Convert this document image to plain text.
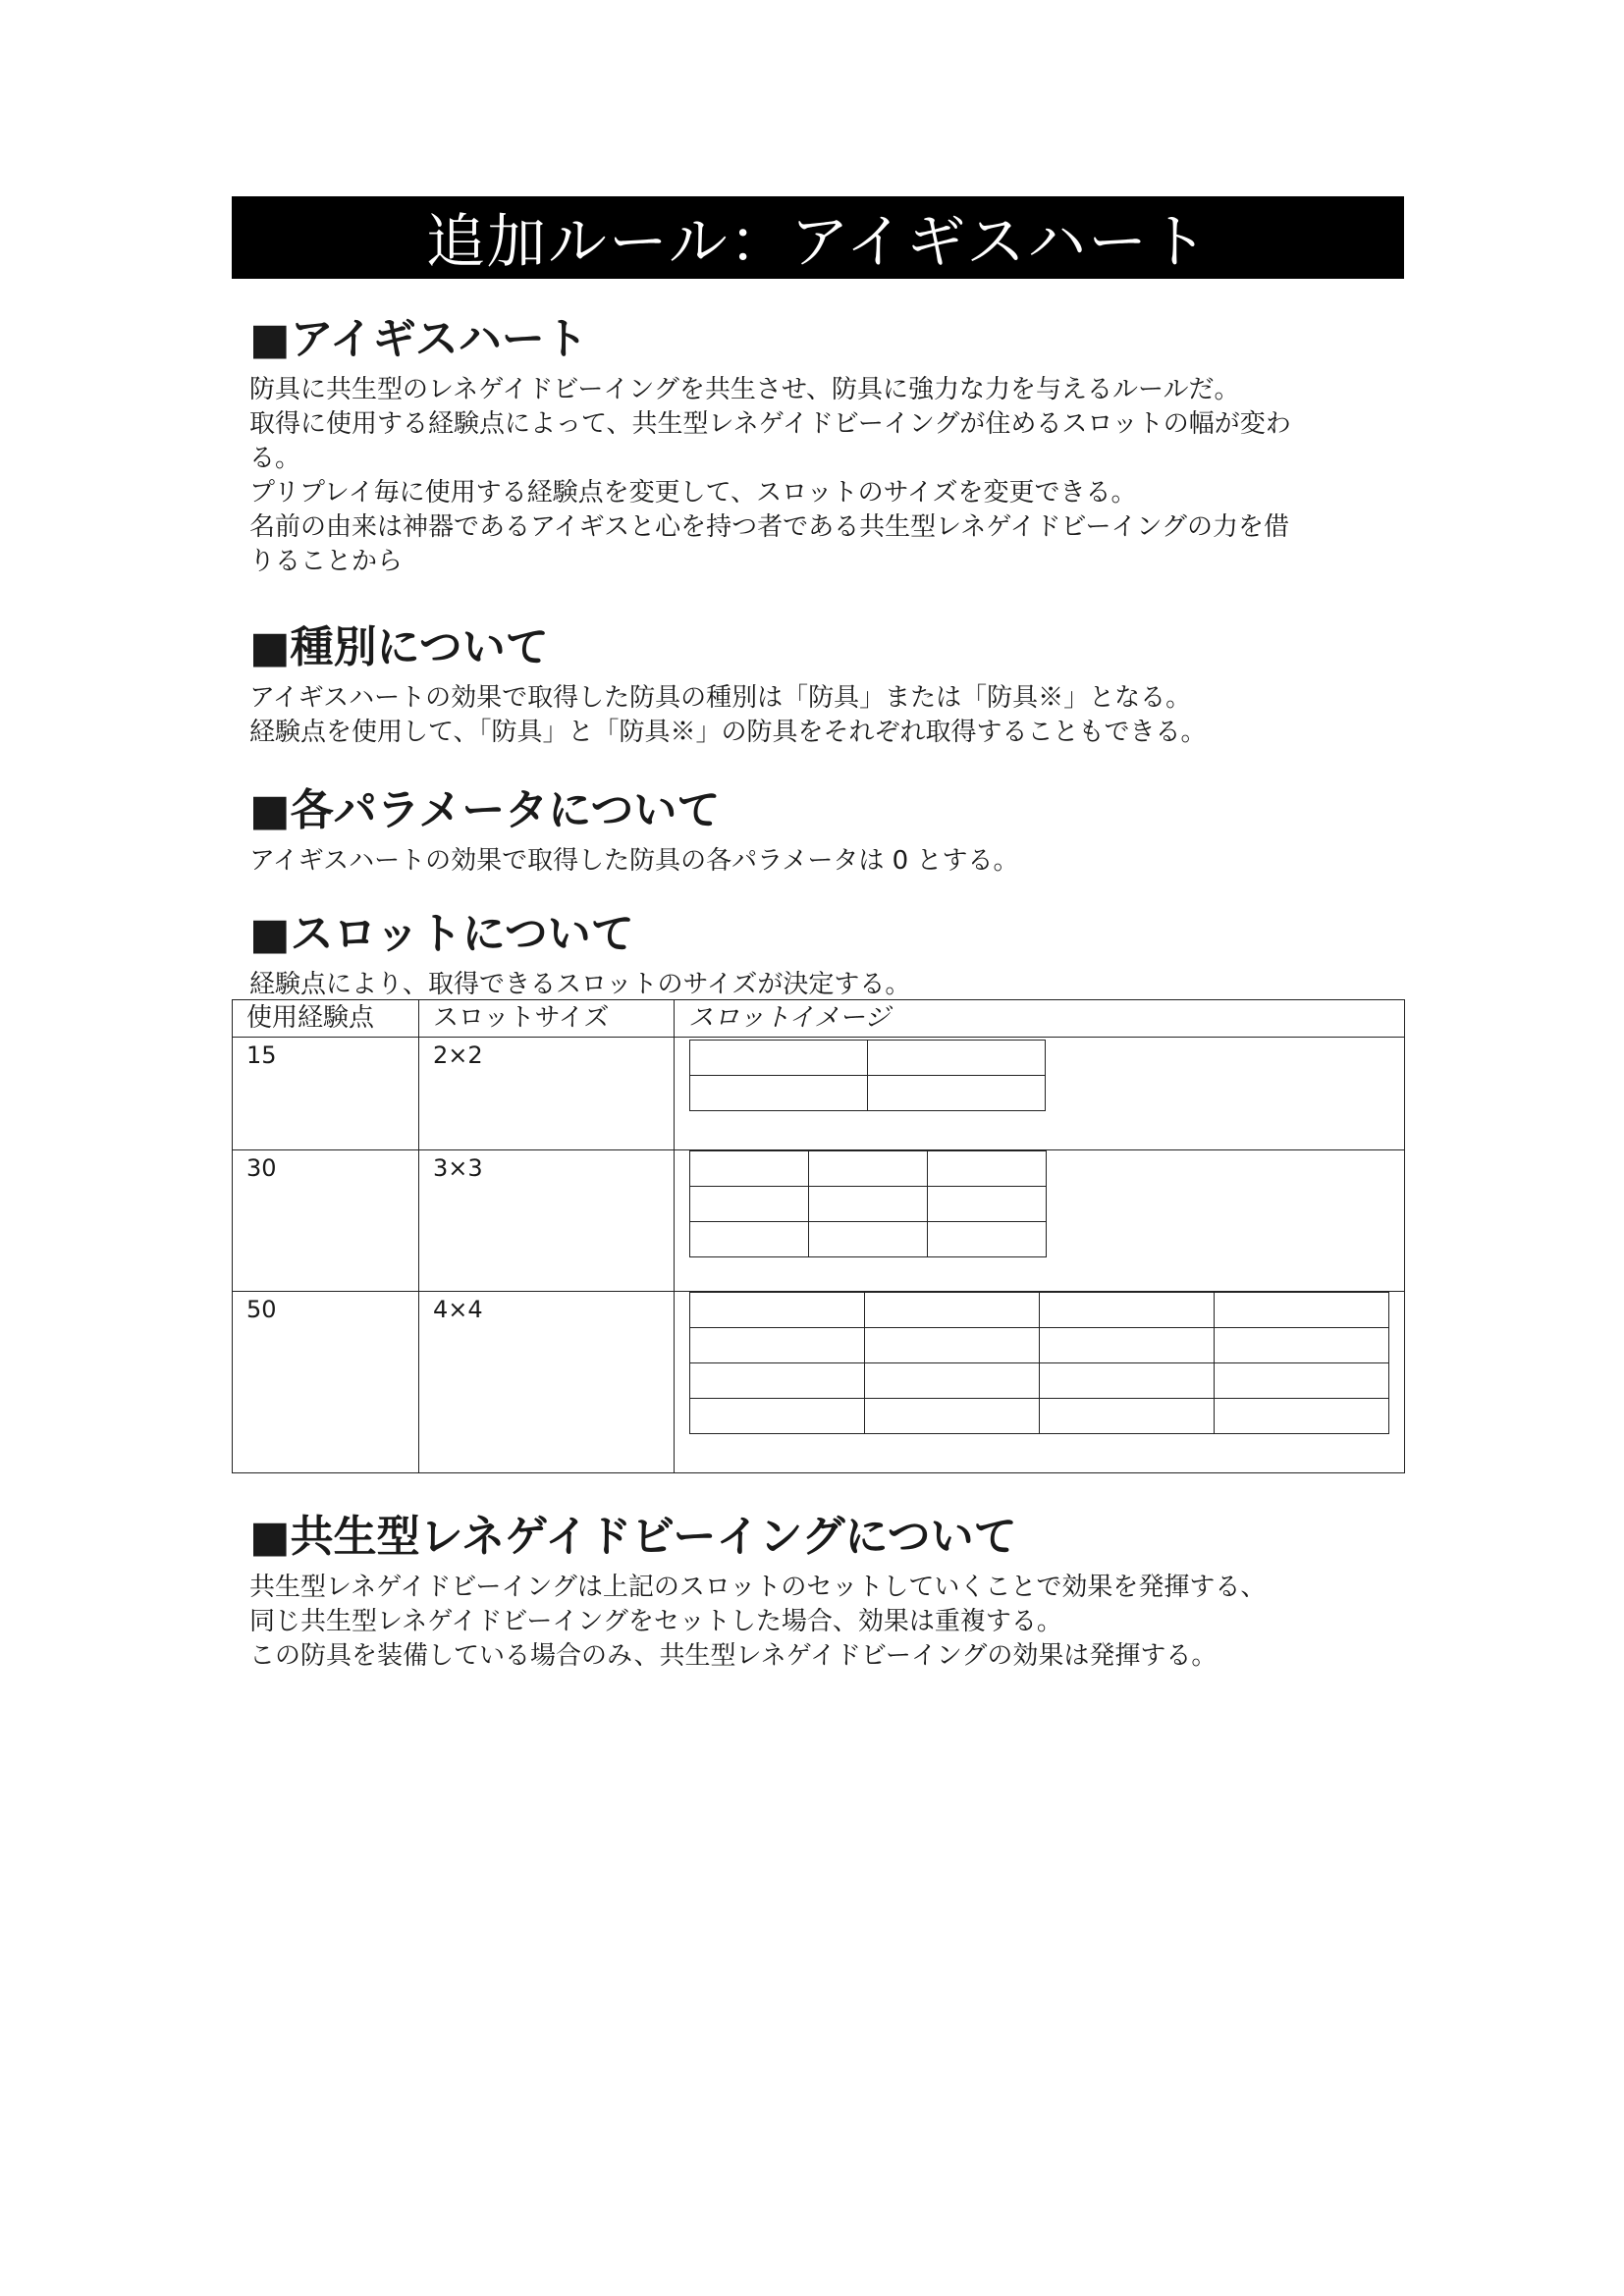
追加ルール：アイギスハート
■アイギスハート

防具に共生型のレネゲイドビーイングを共生させ、防具に強力な力を与えるルールだ。

取得に使用する経験点によって、共生型レネゲイドビーイングが住めるスロットの幅が変わ

る。

プリプレイ毎に使用する経験点を変更して、スロットのサイズを変更できる。

名前の由来は神器であるアイギスと心を持つ者である共生型レネゲイドビーイングの力を借

りることから

■種別について

アイギスハートの効果で取得した防具の種別は「防具」または「防具※」となる。

経験点を使用して、「防具」と「防具※」の防具をそれぞれ取得することもできる。

■各パラメータについて

アイギスハートの効果で取得した防具の各パラメータは 0 とする。

■スロットについて

経験点により、取得できるスロットのサイズが決定する。

使用経験点	スロットサイズ	スロットイメージ
15	2×2	

30	3×3	

50	4×4	

■共生型レネゲイドビーイングについて

共生型レネゲイドビーイングは上記のスロットのセットしていくことで効果を発揮する、

同じ共生型レネゲイドビーイングをセットした場合、効果は重複する。

この防具を装備している場合のみ、共生型レネゲイドビーイングの効果は発揮する。
